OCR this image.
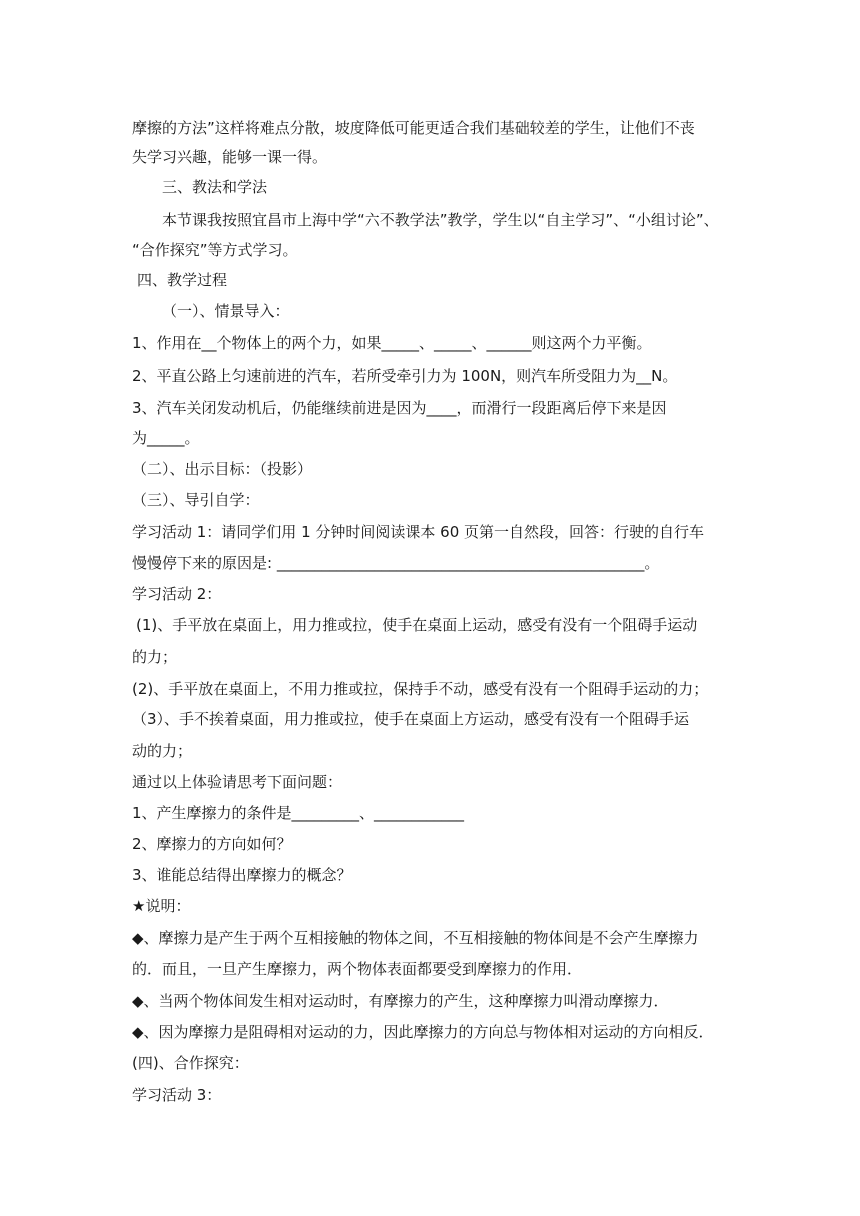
摩擦的方法”这样将难点分散，坡度降低可能更适合我们基础较差的学生，让他们不丧
失学习兴趣，能够一课一得。
三、教法和学法
本节课我按照宜昌市上海中学“六不教学法”教学，学生以“自主学习”、“小组讨论”、
“合作探究”等方式学习。
四、教学过程
（一）、情景导入：
1、作用在__个物体上的两个力，如果_____、_____、______则这两个力平衡。
2、平直公路上匀速前进的汽车，若所受牵引力为 100N，则汽车所受阻力为__N。
3、汽车关闭发动机后，仍能继续前进是因为____，而滑行一段距离后停下来是因
为_____。
（二）、出示目标：（投影）
（三）、导引自学：
学习活动 1：请同学们用 1 分钟时间阅读课本 60 页第一自然段，回答：行驶的自行车
慢慢停下来的原因是: _________________________________________________。
学习活动 2：
(1)、手平放在桌面上，用力推或拉，使手在桌面上运动，感受有没有一个阻碍手运动
的力；
(2)、手平放在桌面上，不用力推或拉，保持手不动，感受有没有一个阻碍手运动的力；
（3）、手不挨着桌面，用力推或拉，使手在桌面上方运动，感受有没有一个阻碍手运
动的力；
通过以上体验请思考下面问题：
1、产生摩擦力的条件是_________、____________
2、摩擦力的方向如何？
3、谁能总结得出摩擦力的概念？
★说明：
◆、摩擦力是产生于两个互相接触的物体之间，不互相接触的物体间是不会产生摩擦力
的．而且，一旦产生摩擦力，两个物体表面都要受到摩擦力的作用．
◆、当两个物体间发生相对运动时，有摩擦力的产生，这种摩擦力叫滑动摩擦力．
◆、因为摩擦力是阻碍相对运动的力，因此摩擦力的方向总与物体相对运动的方向相反．
(四)、合作探究：
学习活动 3：
